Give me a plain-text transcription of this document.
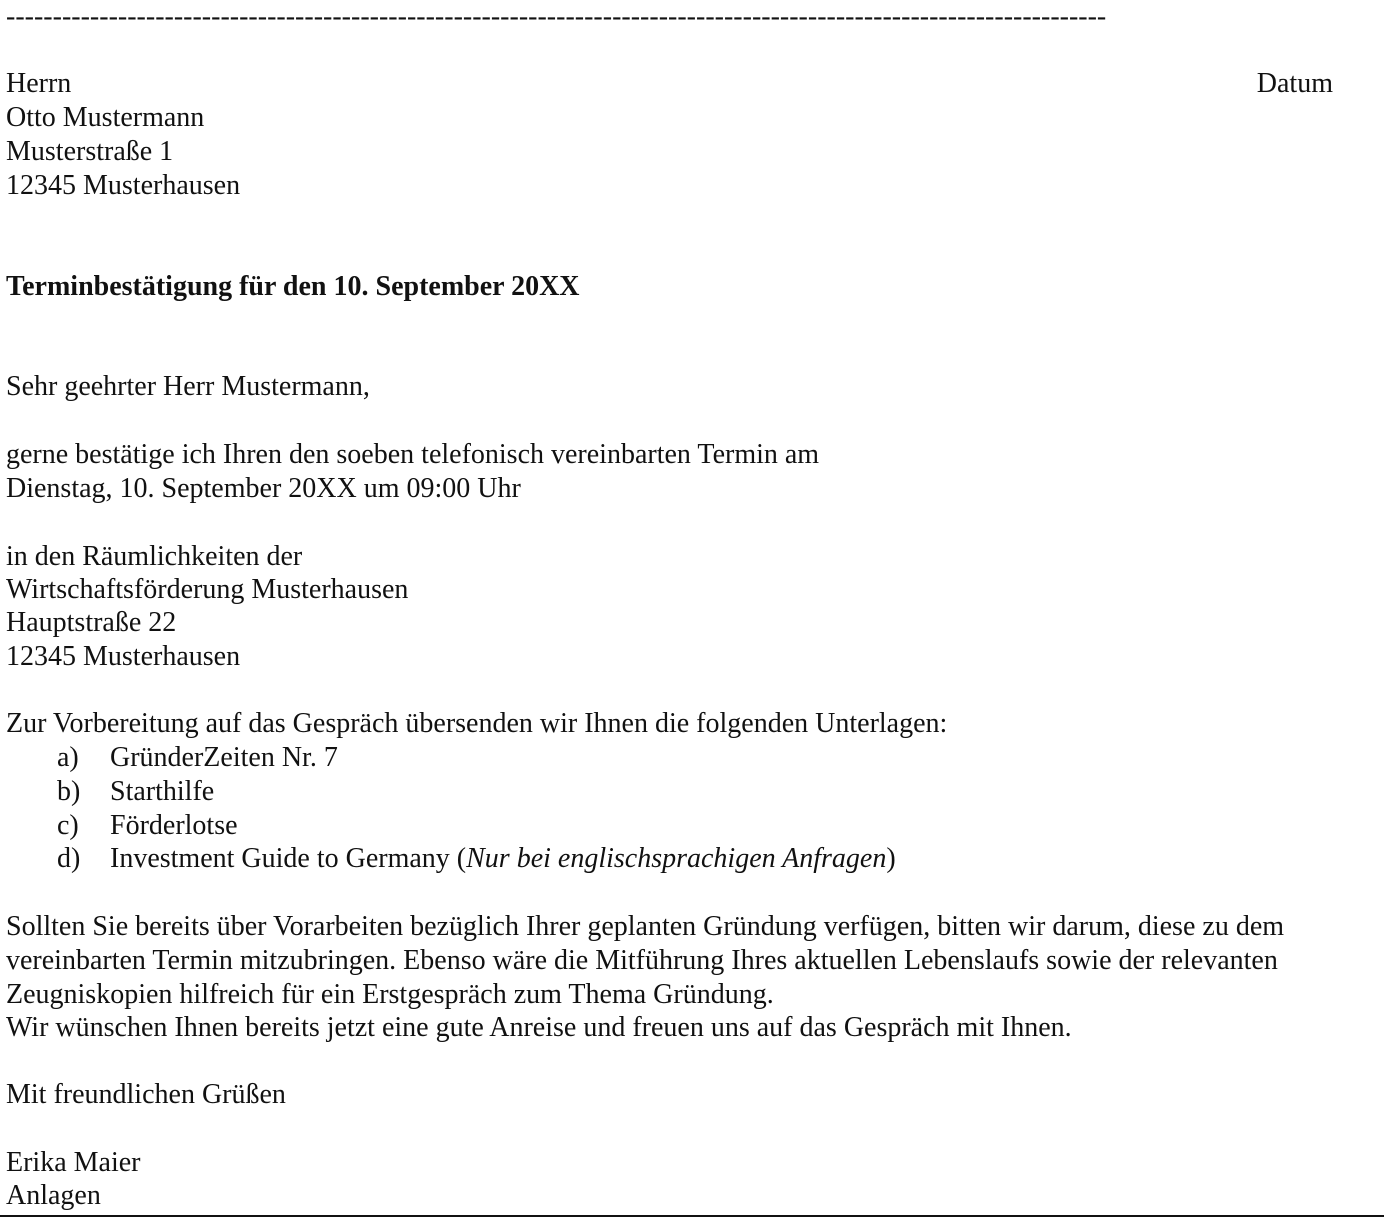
----------------------------------------------------------------------------------------------------------------------
Herrn
Otto Mustermann
Musterstraße 1
12345 Musterhausen
Datum
Terminbestätigung für den 10. September 20XX
Sehr geehrter Herr Mustermann,
gerne bestätige ich Ihren den soeben telefonisch vereinbarten Termin am
Dienstag, 10. September 20XX um 09:00 Uhr
in den Räumlichkeiten der
Wirtschaftsförderung Musterhausen
Hauptstraße 22
12345 Musterhausen
Zur Vorbereitung auf das Gespräch übersenden wir Ihnen die folgenden Unterlagen:
a)	GründerZeiten Nr. 7
b)	Starthilfe
c)	Förderlotse
d)	Investment Guide to Germany (Nur bei englischsprachigen Anfragen)
Sollten Sie bereits über Vorarbeiten bezüglich Ihrer geplanten Gründung verfügen, bitten wir darum, diese zu dem
vereinbarten Termin mitzubringen. Ebenso wäre die Mitführung Ihres aktuellen Lebenslaufs sowie der relevanten
Zeugniskopien hilfreich für ein Erstgespräch zum Thema Gründung.
Wir wünschen Ihnen bereits jetzt eine gute Anreise und freuen uns auf das Gespräch mit Ihnen.
Mit freundlichen Grüßen
Erika Maier
Anlagen
